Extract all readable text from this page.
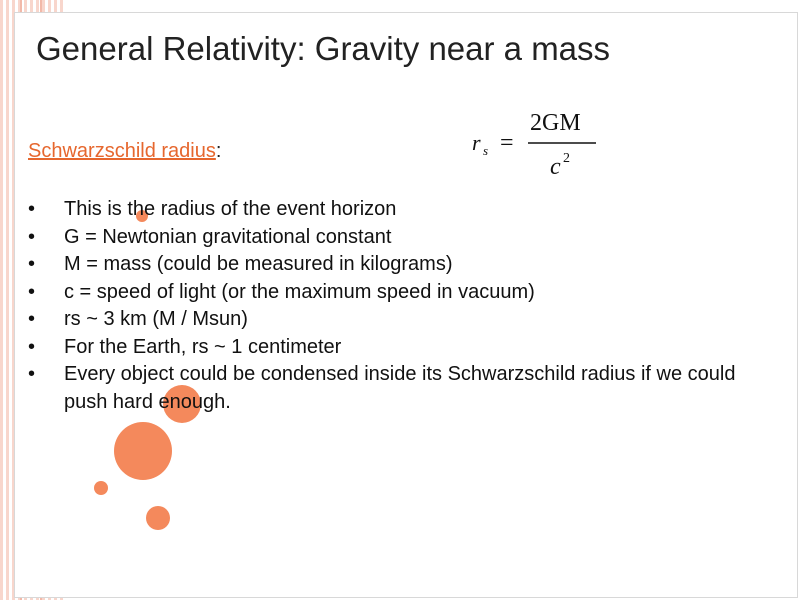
General Relativity: Gravity near a mass
Schwarzschild radius:	r s =
2GM
c 2
• This is the radius of the event horizon
• G = Newtonian gravitational constant
• M = mass (could be measured in kilograms)
• c = speed of light (or the maximum speed in vacuum)
• rs ~ 3 km (M / Msun)
• For the Earth, rs ~ 1 centimeter
• Every object could be condensed inside its Schwarzschild radius if we could push hard enough.
